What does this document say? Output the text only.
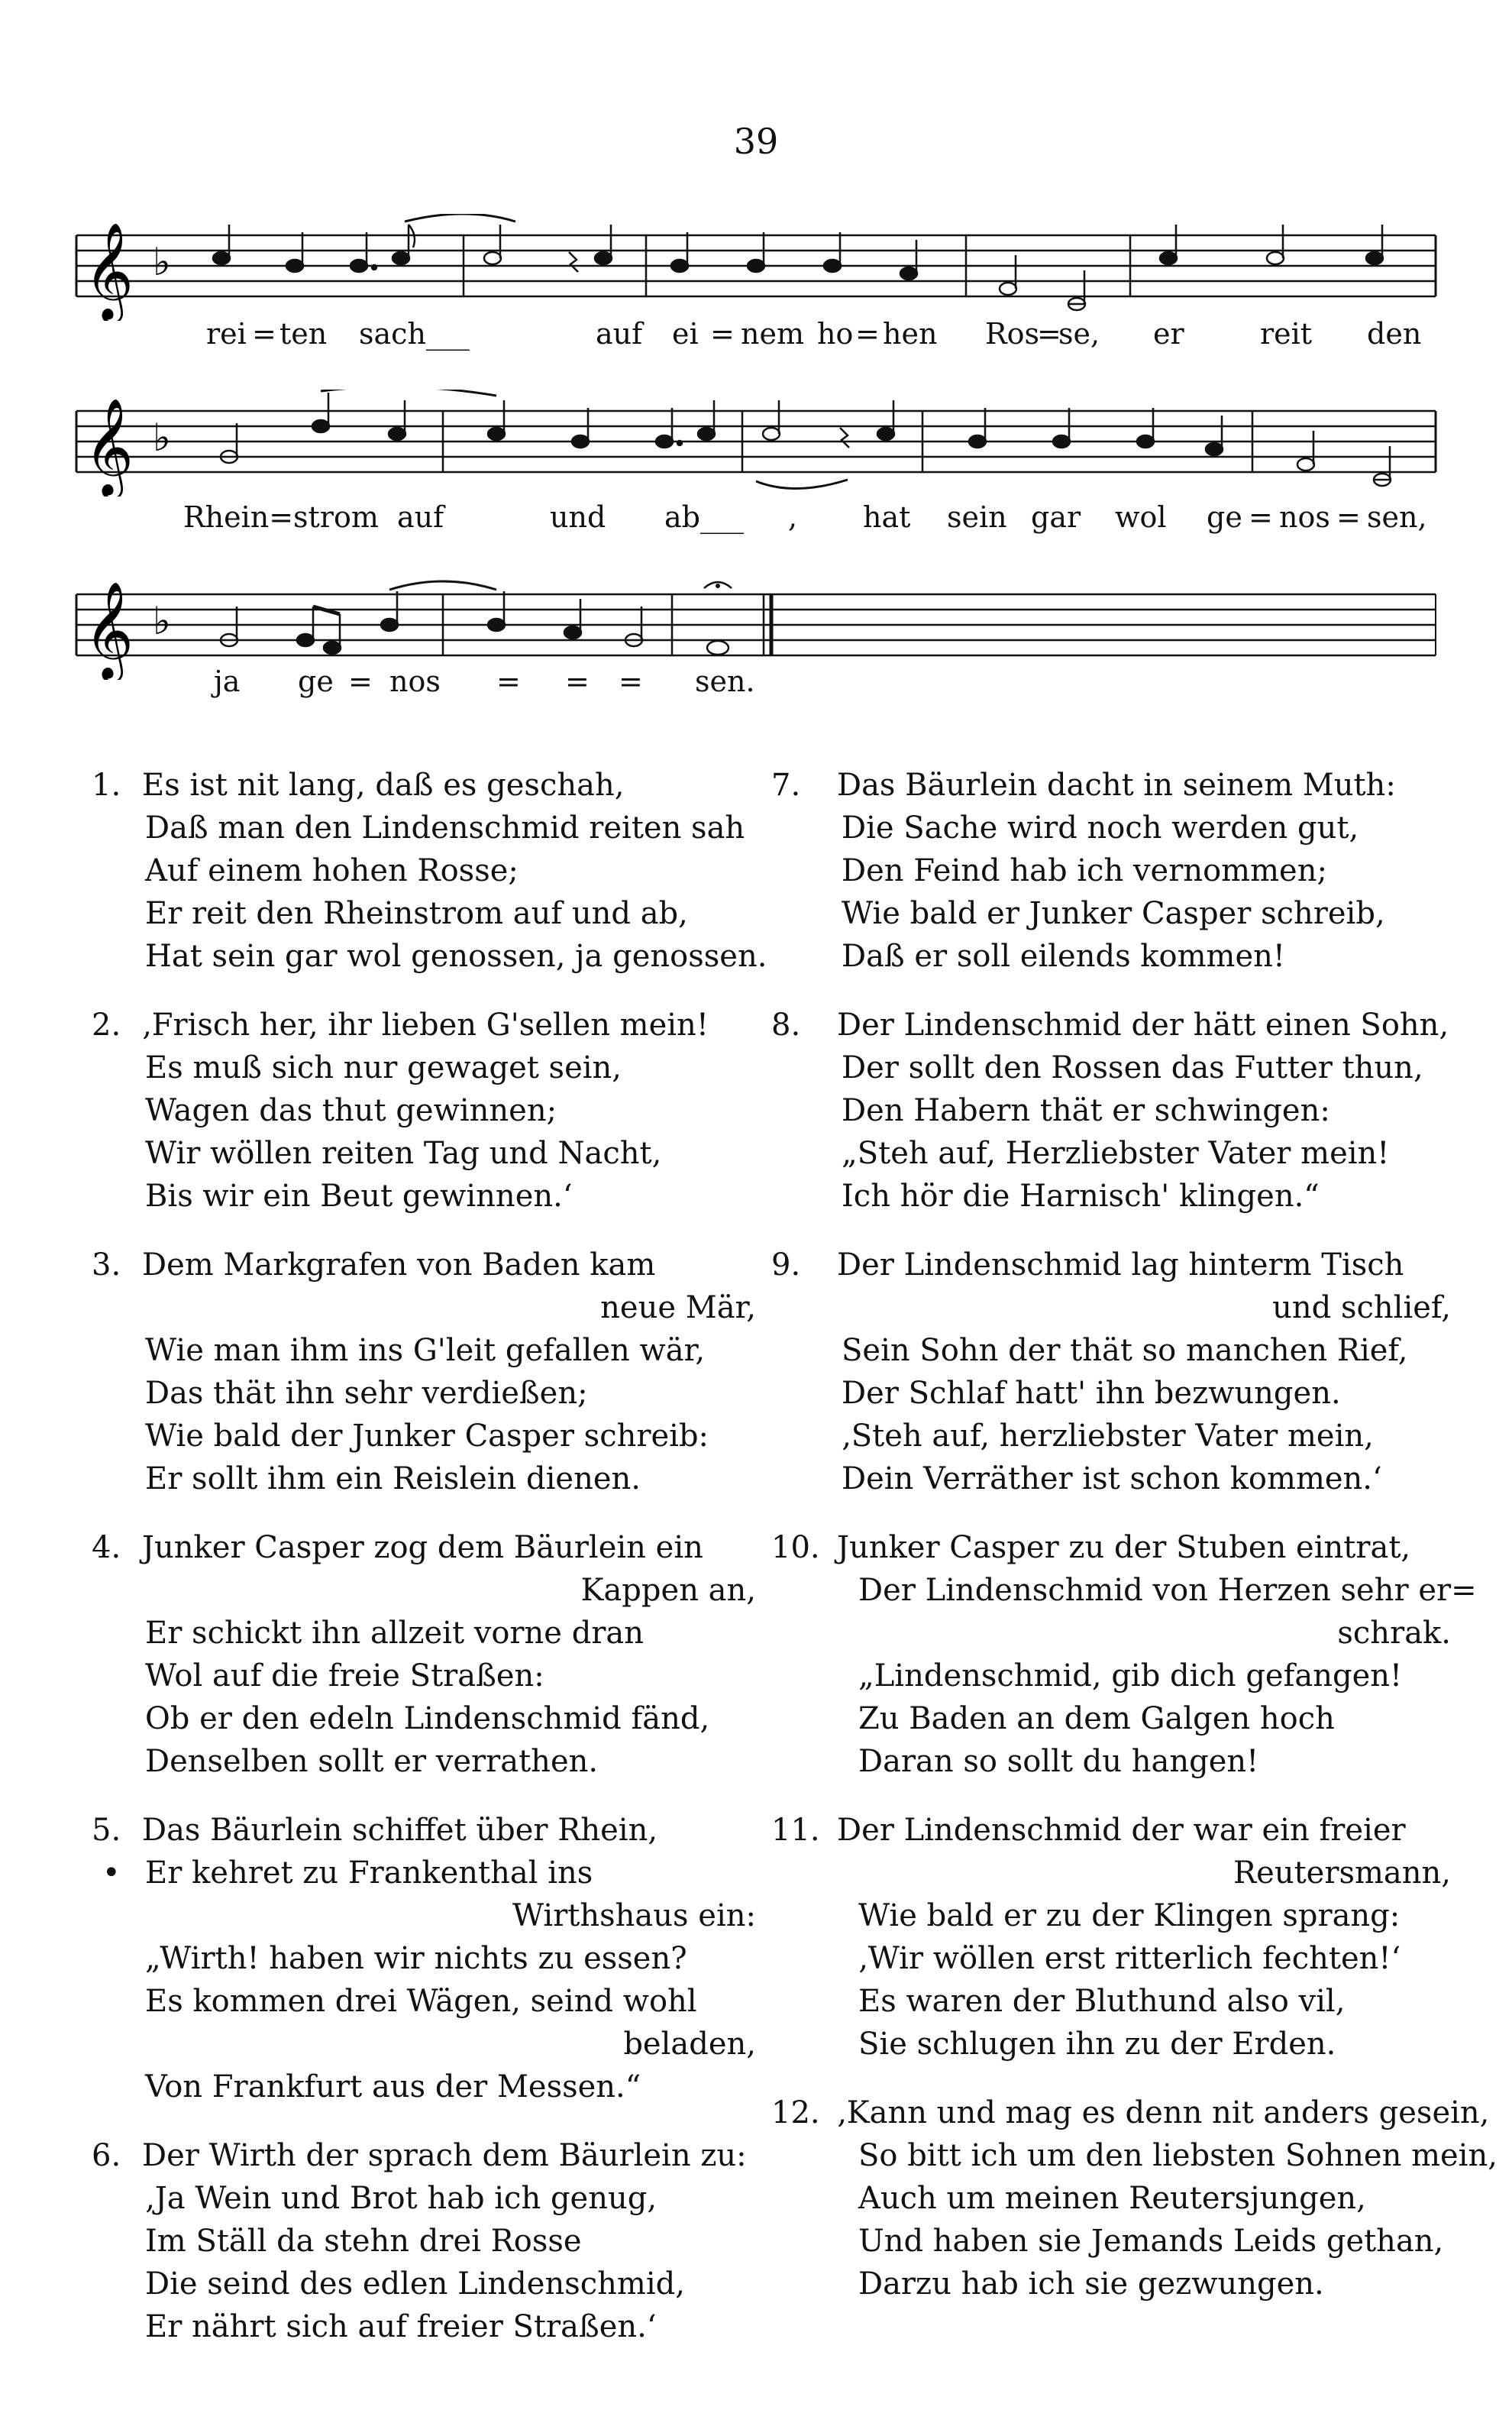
39
𝄞 ♭
rei = ten sach___	auf ei = nem ho = hen Ros
=
se, er	reit den
𝄞 ♭
Rhein=strom auf	und ab___ , hat sein gar wol ge = nos = sen,
𝄞 ♭
ja ge = nos = = = sen.
1. Es ist nit lang, daß es geschah,
Daß man den Lindenschmid reiten sah
Auf einem hohen Rosse;
Er reit den Rheinstrom auf und ab,
Hat sein gar wol genossen, ja genossen.
2. ‚Frisch her, ihr lieben G'sellen mein!
Es muß sich nur gewaget sein,
Wagen das thut gewinnen;
Wir wöllen reiten Tag und Nacht,
Bis wir ein Beut gewinnen.‘
3. Dem Markgrafen von Baden kam
neue Mär,
Wie man ihm ins G'leit gefallen wär,
Das thät ihn sehr verdießen;
Wie bald der Junker Casper schreib:
Er sollt ihm ein Reislein dienen.
4. Junker Casper zog dem Bäurlein ein
Kappen an,
Er schickt ihn allzeit vorne dran
Wol auf die freie Straßen:
Ob er den edeln Lindenschmid fänd,
Denselben sollt er verrathen.
5. Das Bäurlein schiffet über Rhein,
• Er kehret zu Frankenthal ins
Wirthshaus ein:
„Wirth! haben wir nichts zu essen?
Es kommen drei Wägen, seind wohl
beladen,
Von Frankfurt aus der Messen.“
6. Der Wirth der sprach dem Bäurlein zu:
‚Ja Wein und Brot hab ich genug,
Im Ställ da stehn drei Rosse
Die seind des edlen Lindenschmid,
Er nährt sich auf freier Straßen.‘
7. Das Bäurlein dacht in seinem Muth:
Die Sache wird noch werden gut,
Den Feind hab ich vernommen;
Wie bald er Junker Casper schreib,
Daß er soll eilends kommen!
8. Der Lindenschmid der hätt einen Sohn,
Der sollt den Rossen das Futter thun,
Den Habern thät er schwingen:
„Steh auf, Herzliebster Vater mein!
Ich hör die Harnisch' klingen.“
9. Der Lindenschmid lag hinterm Tisch
und schlief,
Sein Sohn der thät so manchen Rief,
Der Schlaf hatt' ihn bezwungen.
‚Steh auf, herzliebster Vater mein,
Dein Verräther ist schon kommen.‘
10. Junker Casper zu der Stuben eintrat,
Der Lindenschmid von Herzen sehr er=
schrak.
„Lindenschmid, gib dich gefangen!
Zu Baden an dem Galgen hoch
Daran so sollt du hangen!
11. Der Lindenschmid der war ein freier
Reutersmann,
Wie bald er zu der Klingen sprang:
‚Wir wöllen erst ritterlich fechten!‘
Es waren der Bluthund also vil,
Sie schlugen ihn zu der Erden.
12. ‚Kann und mag es denn nit anders gesein,
So bitt ich um den liebsten Sohnen mein,
Auch um meinen Reutersjungen,
Und haben sie Jemands Leids gethan,
Darzu hab ich sie gezwungen.
